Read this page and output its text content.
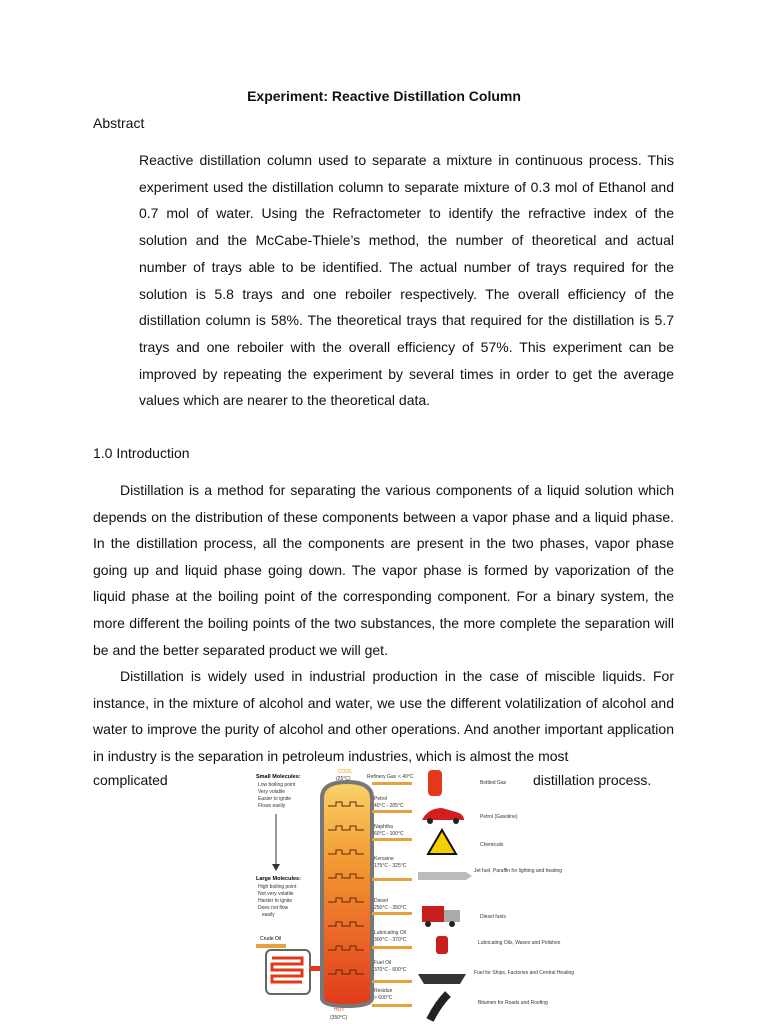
Experiment: Reactive Distillation Column
Abstract
Reactive distillation column used to separate a mixture in continuous process. This experiment used the distillation column to separate mixture of 0.3 mol of Ethanol and 0.7 mol of water. Using the Refractometer to identify the refractive index of the solution and the McCabe-Thiele’s method, the number of theoretical and actual number of trays able to be identified. The actual number of trays required for the solution is 5.8 trays and one reboiler respectively. The overall efficiency of the distillation column is 58%. The theoretical trays that required for the distillation is 5.7 trays and one reboiler with the overall efficiency of 57%. This experiment can be improved by repeating the experiment by several times in order to get the average values which are nearer to the theoretical data.
1.0 Introduction

Distillation is a method for separating the various components of a liquid solution which depends on the distribution of these components between a vapor phase and a liquid phase. In the distillation process, all the components are present in the two phases, vapor phase going up and liquid phase going down. The vapor phase is formed by vaporization of the liquid phase at the boiling point of the corresponding component. For a binary system, the more different the boiling points of the two substances, the more complete the separation will be and the better separated product we will get.

Distillation is widely used in industrial production in the case of miscible liquids. For instance, in the mixture of alcohol and water, we use the different volatilization of alcohol and water to improve the purity of alcohol and other operations. And another important application in industry is the separation in petroleum industries, which is almost the most

complicated	distillation process.
Small Molecules:
Low boiling point
Very volatile
Easier to ignite
Flows easily
Large Molecules:
High boiling point
Not very volatile
Harder to ignite
Does not flow
easily
Crude Oil
COOL
(25°C)
HOT
(350°C)
Refinery Gas < 40°C
Petrol
40°C - 205°C
Naphtha
60°C - 100°C
Kerosine
175°C - 325°C
Diesel
250°C - 350°C
Lubricating Oil
300°C - 370°C
Fuel Oil
370°C - 600°C
Residue
> 600°C
Bottled Gas
Petrol (Gasoline)
Chemicals
Jet fuel, Paraffin for lighting and heating
Diesel fuels
Lubricating Oils, Waxes and Polishes
Fuel for Ships, Factories and Central Heating
Bitumen for Roads and Roofing
